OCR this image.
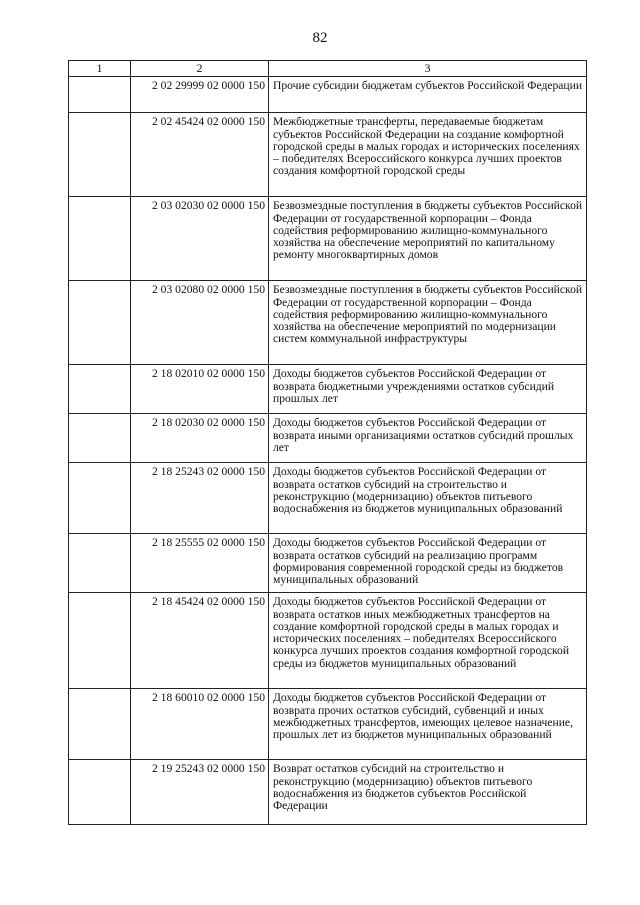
82
1	2	3
	2 02 29999 02 0000 150	Прочие субсидии бюджетам субъектов Российской Федерации
	2 02 45424 02 0000 150	Межбюджетные трансферты, передаваемые бюджетам субъектов Российской Федерации на создание комфортной городской среды в малых городах и исторических поселениях – победителях Всероссийского конкурса лучших проектов создания комфортной городской среды
	2 03 02030 02 0000 150	Безвозмездные поступления в бюджеты субъектов Российской Федерации от государственной корпорации – Фонда содействия реформированию жилищно-коммунального хозяйства на обеспечение мероприятий по капитальному ремонту многоквартирных домов
	2 03 02080 02 0000 150	Безвозмездные поступления в бюджеты субъектов Российской Федерации от государственной корпорации – Фонда содействия реформированию жилищно-коммунального хозяйства на обеспечение мероприятий по модернизации систем коммунальной инфраструктуры
	2 18 02010 02 0000 150	Доходы бюджетов субъектов Российской Федерации от возврата бюджетными учреждениями остатков субсидий прошлых лет
	2 18 02030 02 0000 150	Доходы бюджетов субъектов Российской Федерации от возврата иными организациями остатков субсидий прошлых лет
	2 18 25243 02 0000 150	Доходы бюджетов субъектов Российской Федерации от возврата остатков субсидий на строительство и реконструкцию (модернизацию) объектов питьевого водоснабжения из бюджетов муниципальных образований
	2 18 25555 02 0000 150	Доходы бюджетов субъектов Российской Федерации от возврата остатков субсидий на реализацию программ формирования современной городской среды из бюджетов муниципальных образований
	2 18 45424 02 0000 150	Доходы бюджетов субъектов Российской Федерации от возврата остатков иных межбюджетных трансфертов на создание комфортной городской среды в малых городах и исторических поселениях – победителях Всероссийского конкурса лучших проектов создания комфортной городской среды из бюджетов муниципальных образований
	2 18 60010 02 0000 150	Доходы бюджетов субъектов Российской Федерации от возврата прочих остатков субсидий, субвенций и иных межбюджетных трансфертов, имеющих целевое назначение, прошлых лет из бюджетов муниципальных образований
	2 19 25243 02 0000 150	Возврат остатков субсидий на строительство и реконструкцию (модернизацию) объектов питьевого водоснабжения из бюджетов субъектов Российской Федерации
